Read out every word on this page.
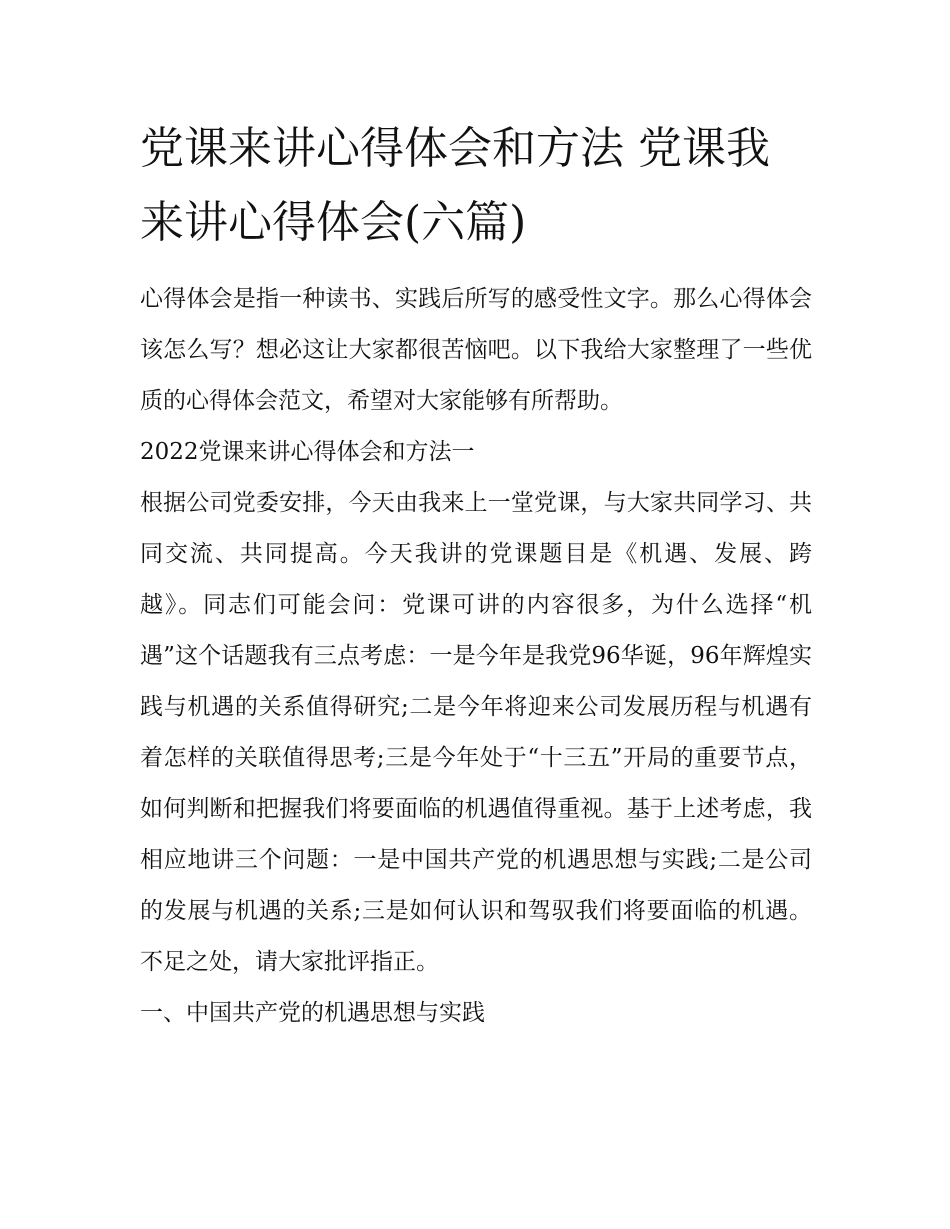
党课来讲心得体会和方法 党课我来讲心得体会(六篇)

心得体会是指一种读书、实践后所写的感受性文字。那么心得体会该怎么写？想必这让大家都很苦恼吧。以下我给大家整理了一些优质的心得体会范文，希望对大家能够有所帮助。

2022党课来讲心得体会和方法一

根据公司党委安排，今天由我来上一堂党课，与大家共同学习、共同交流、共同提高。今天我讲的党课题目是《机遇、发展、跨越》。同志们可能会问：党课可讲的内容很多，为什么选择“机遇”这个话题我有三点考虑：一是今年是我党96华诞，96年辉煌实践与机遇的关系值得研究;二是今年将迎来公司发展历程与机遇有着怎样的关联值得思考;三是今年处于“十三五”开局的重要节点，如何判断和把握我们将要面临的机遇值得重视。基于上述考虑，我相应地讲三个问题：一是中国共产党的机遇思想与实践;二是公司的发展与机遇的关系;三是如何认识和驾驭我们将要面临的机遇。不足之处，请大家批评指正。

一、中国共产党的机遇思想与实践
